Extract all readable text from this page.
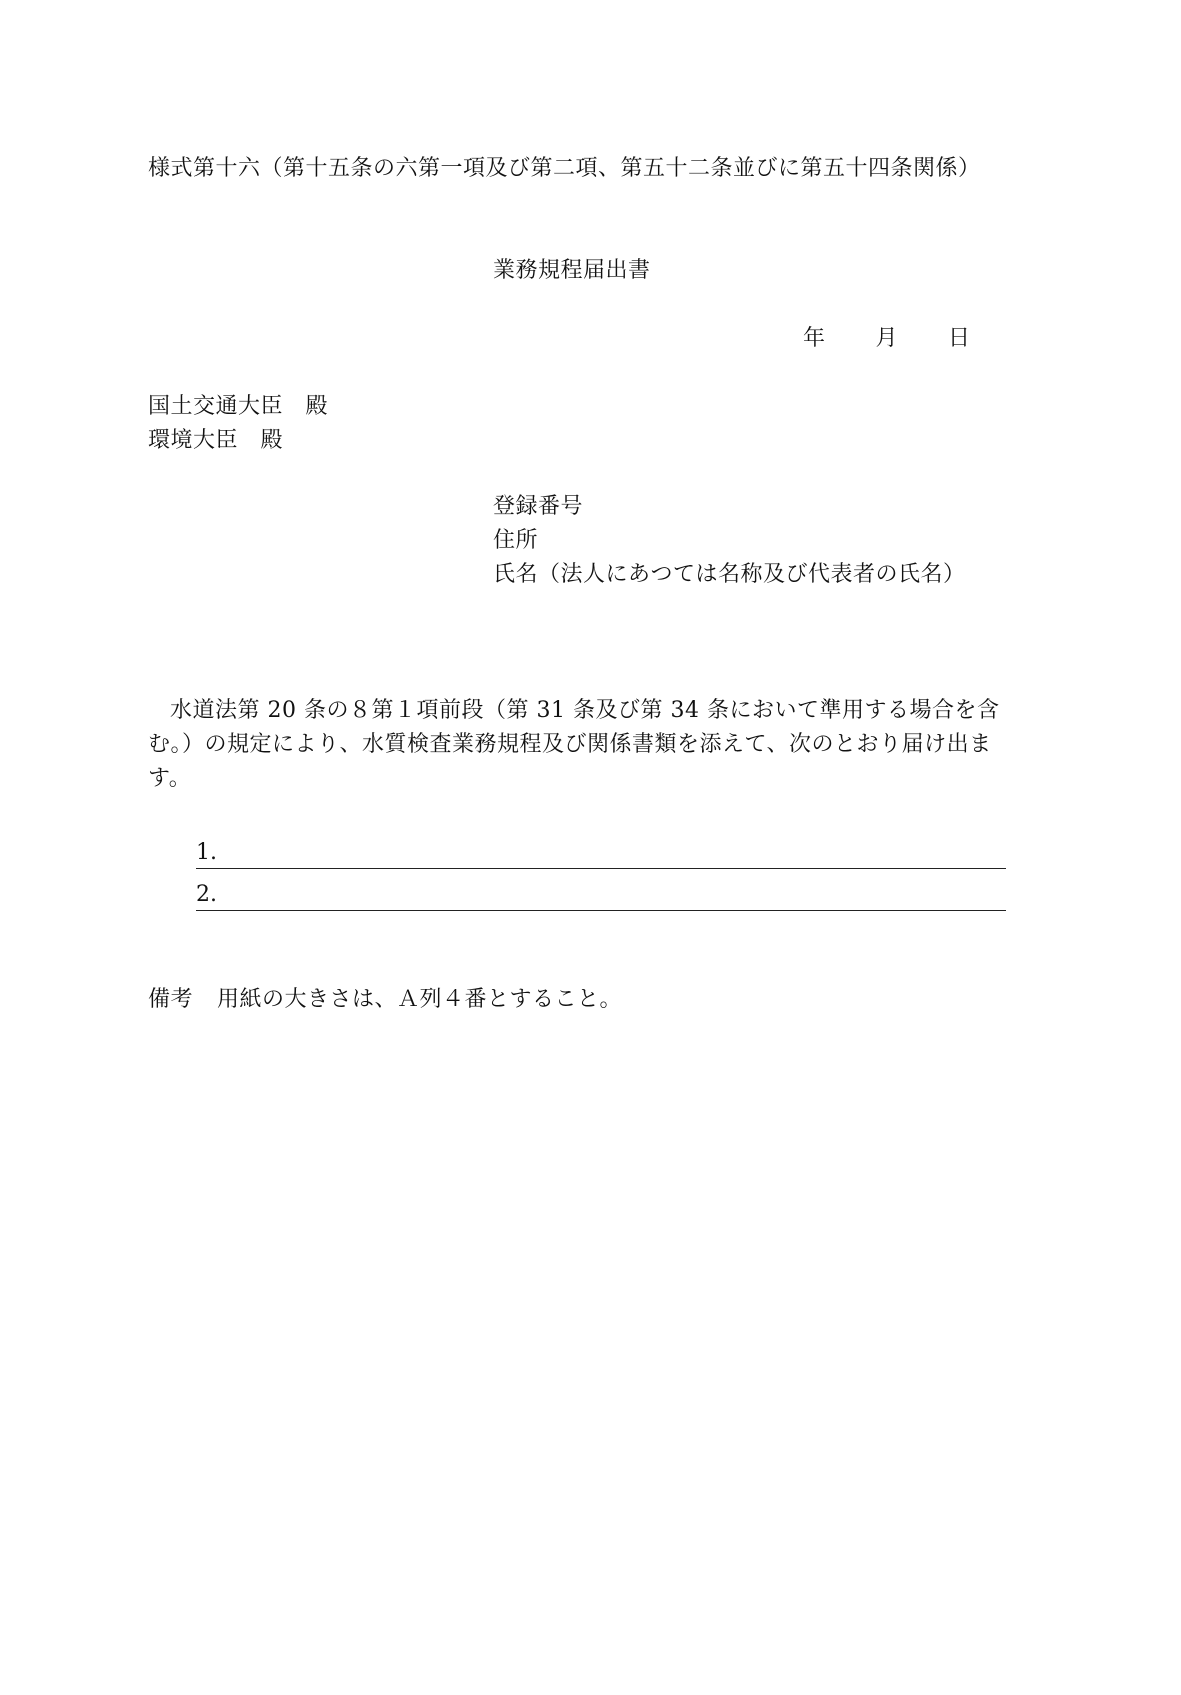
様式第十六（第十五条の六第一項及び第二項、第五十二条並びに第五十四条関係）
業務規程届出書
年 月 日
国土交通大臣　殿
環境大臣　殿
登録番号
住所
氏名（法人にあつては名称及び代表者の氏名）
水道法第 20 条の８第１項前段（第 31 条及び第 34 条において準用する場合を含む。）の規定により、水質検査業務規程及び関係書類を添えて、次のとおり届け出ます。
1.
2.
備考 用紙の大きさは、Ａ列４番とすること。
